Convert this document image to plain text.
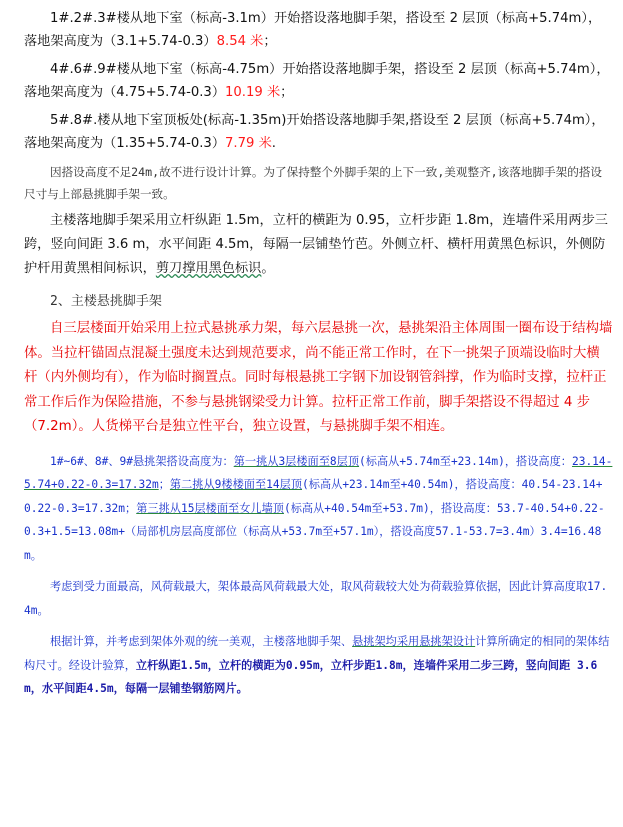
1#.2#.3#楼从地下室（标高-3.1m）开始搭设落地脚手架，搭设至 2 层顶（标高+5.74m），落地架高度为（3.1+5.74-0.3）8.54 米；

4#.6#.9#楼从地下室（标高-4.75m）开始搭设落地脚手架，搭设至 2 层顶（标高+5.74m），落地架高度为（4.75+5.74-0.3）10.19 米；

5#.8#.楼从地下室顶板处(标高-1.35m)开始搭设落地脚手架,搭设至 2 层顶（标高+5.74m），落地架高度为（1.35+5.74-0.3）7.79 米.

因搭设高度不足24m,故不进行设计计算。为了保持整个外脚手架的上下一致,美观整齐,该落地脚手架的搭设尺寸与上部悬挑脚手架一致。

主楼落地脚手架采用立杆纵距 1.5m，立杆的横距为 0.95，立杆步距 1.8m，连墙件采用两步三跨，竖向间距 3.6 m，水平间距 4.5m，每隔一层铺垫竹芭。外侧立杆、横杆用黄黑色标识，外侧防护杆用黄黑相间标识，剪刀撑用黑色标识。

2、主楼悬挑脚手架

自三层楼面开始采用上拉式悬挑承力架，每六层悬挑一次，悬挑架沿主体周围一圈布设于结构墙体。当拉杆锚固点混凝土强度未达到规范要求，尚不能正常工作时，在下一挑架子顶端设临时大横杆（内外侧均有），作为临时搁置点。同时每根悬挑工字钢下加设钢管斜撑，作为临时支撑，拉杆正常工作后作为保险措施，不参与悬挑钢梁受力计算。拉杆正常工作前，脚手架搭设不得超过 4 步（7.2m）。人货梯平台是独立性平台，独立设置，与悬挑脚手架不相连。

1#~6#、8#、9#悬挑架搭设高度为：第一挑从3层楼面至8层顶(标高从+5.74m至+23.14m)，搭设高度：23.14-5.74+0.22-0.3=17.32m；第二挑从9楼楼面至14层顶(标高从+23.14m至+40.54m)，搭设高度：40.54-23.14+0.22-0.3=17.32m；第三挑从15层楼面至女儿墙顶(标高从+40.54m至+53.7m)，搭设高度：53.7-40.54+0.22-0.3+1.5=13.08m+（局部机房层高度部位（标高从+53.7m至+57.1m），搭设高度57.1-53.7=3.4m）3.4=16.48m。

考虑到受力面最高，风荷载最大，架体最高风荷载最大处，取风荷载较大处为荷载验算依据，因此计算高度取17.4m。

根据计算，并考虑到架体外观的统一美观，主楼落地脚手架、悬挑架均采用悬挑架设计计算所确定的相同的架体结构尺寸。经设计验算，立杆纵距1.5m，立杆的横距为0.95m，立杆步距1.8m，连墙件采用二步三跨，竖向间距 3.6m，水平间距4.5m，每隔一层铺垫钢筋网片。
